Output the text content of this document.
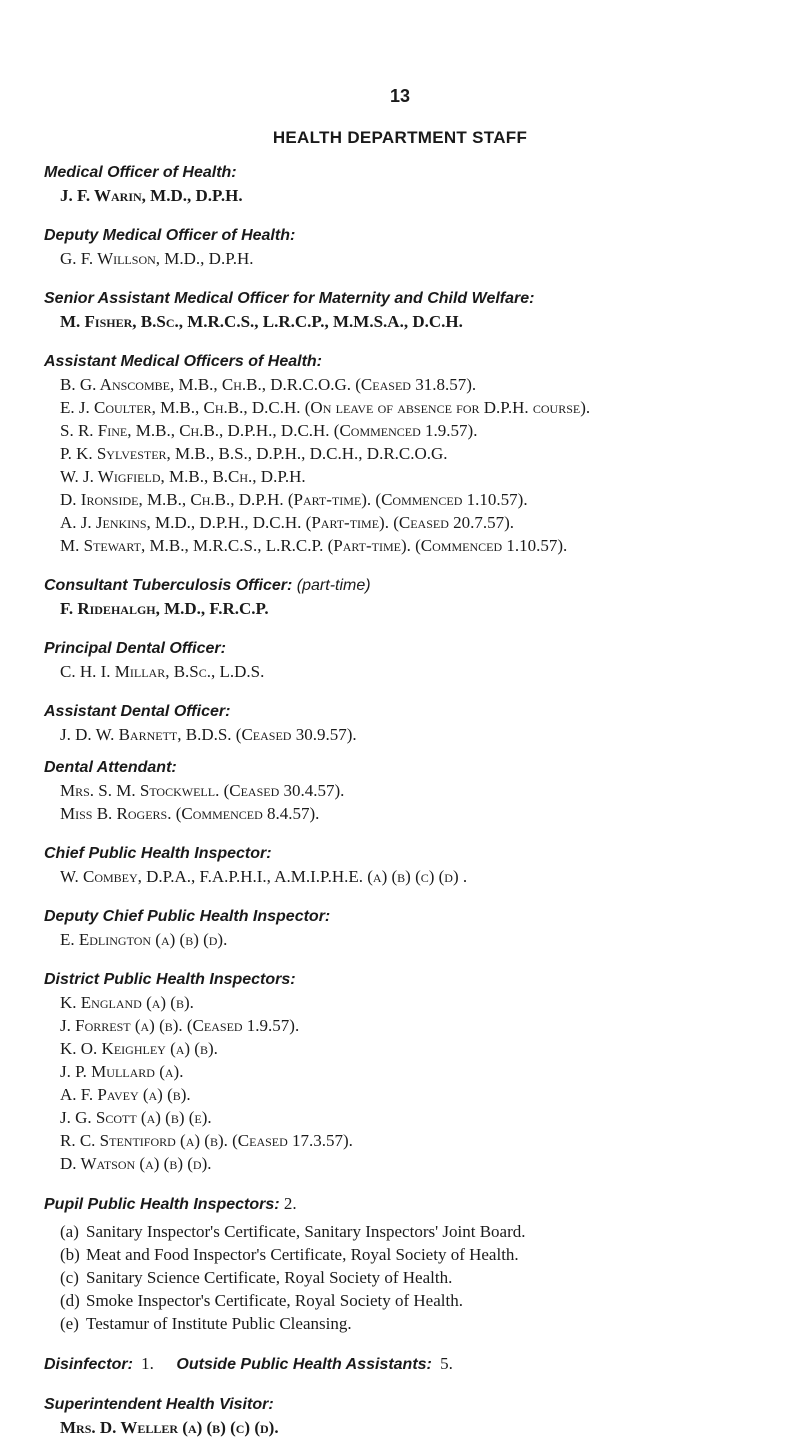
13
HEALTH DEPARTMENT STAFF
Medical Officer of Health:
J. F. Warin, M.D., D.P.H.
Deputy Medical Officer of Health:
G. F. Willson, M.D., D.P.H.
Senior Assistant Medical Officer for Maternity and Child Welfare:
M. Fisher, B.Sc., M.R.C.S., L.R.C.P., M.M.S.A., D.C.H.
Assistant Medical Officers of Health:
B. G. Anscombe, M.B., Ch.B., D.R.C.O.G. (Ceased 31.8.57).
E. J. Coulter, M.B., Ch.B., D.C.H. (On leave of absence for D.P.H. course).
S. R. Fine, M.B., Ch.B., D.P.H., D.C.H. (Commenced 1.9.57).
P. K. Sylvester, M.B., B.S., D.P.H., D.C.H., D.R.C.O.G.
W. J. Wigfield, M.B., B.Ch., D.P.H.
D. Ironside, M.B., Ch.B., D.P.H. (Part-time). (Commenced 1.10.57).
A. J. Jenkins, M.D., D.P.H., D.C.H. (Part-time). (Ceased 20.7.57).
M. Stewart, M.B., M.R.C.S., L.R.C.P. (Part-time). (Commenced 1.10.57).
Consultant Tuberculosis Officer: (part-time)
F. Ridehalgh, M.D., F.R.C.P.
Principal Dental Officer:
C. H. I. Millar, B.Sc., L.D.S.
Assistant Dental Officer:
J. D. W. Barnett, B.D.S. (Ceased 30.9.57).
Dental Attendant:
Mrs. S. M. Stockwell. (Ceased 30.4.57).
Miss B. Rogers. (Commenced 8.4.57).
Chief Public Health Inspector:
W. Combey, D.P.A., F.A.P.H.I., A.M.I.P.H.E. (a) (b) (c) (d) .
Deputy Chief Public Health Inspector:
E. Edlington (a) (b) (d).
District Public Health Inspectors:
K. England (a) (b).
J. Forrest (a) (b). (Ceased 1.9.57).
K. O. Keighley (a) (b).
J. P. Mullard (a).
A. F. Pavey (a) (b).
J. G. Scott (a) (b) (e).
R. C. Stentiford (a) (b). (Ceased 17.3.57).
D. Watson (a) (b) (d).
Pupil Public Health Inspectors: 2.
(a) Sanitary Inspector's Certificate, Sanitary Inspectors' Joint Board.
(b) Meat and Food Inspector's Certificate, Royal Society of Health.
(c) Sanitary Science Certificate, Royal Society of Health.
(d) Smoke Inspector's Certificate, Royal Society of Health.
(e) Testamur of Institute Public Cleansing.
Disinfector: 1. Outside Public Health Assistants: 5.
Superintendent Health Visitor:
Mrs. D. Weller (a) (b) (c) (d).
